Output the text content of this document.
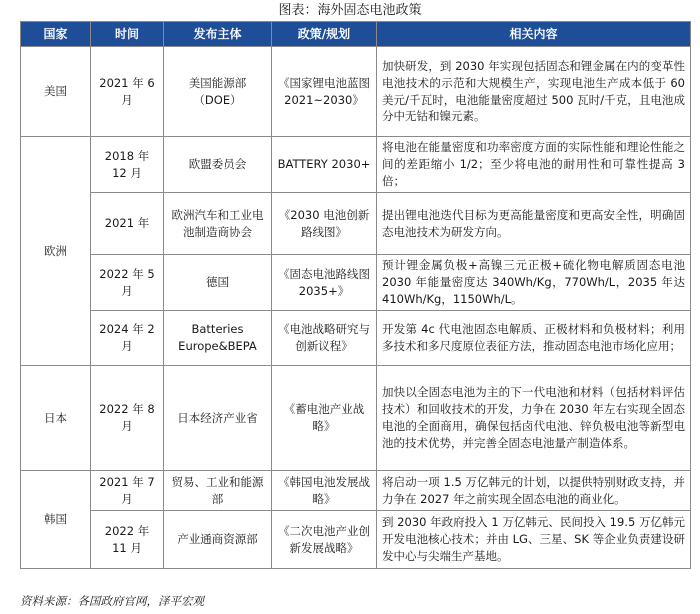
图表：海外固态电池政策
国家	时间	发布主体	政策/规划	相关内容
美国	2021 年 6 月	美国能源部（DOE）	《国家锂电池蓝图 2021~2030》	加快研发，到 2030 年实现包括固态和锂金属在内的变革性电池技术的示范和大规模生产，实现电池生产成本低于 60 美元/千瓦时，电池能量密度超过 500 瓦时/千克，且电池成分中无钴和镍元素。
欧洲	2018 年 12 月	欧盟委员会	BATTERY 2030+	将电池在能量密度和功率密度方面的实际性能和理论性能之间的差距缩小 1/2；至少将电池的耐用性和可靠性提高 3 倍；
	2021 年	欧洲汽车和工业电池制造商协会	《2030 电池创新路线图》	提出锂电池迭代目标为更高能量密度和更高安全性，明确固态电池技术为研发方向。
	2022 年 5 月	德国	《固态电池路线图 2035+》	预计锂金属负极+高镍三元正极+硫化物电解质固态电池 2030 年能量密度达 340Wh/Kg，770Wh/L，2035 年达 410Wh/Kg，1150Wh/L。
	2024 年 2 月	Batteries Europe&BEPA	《电池战略研究与创新议程》	开发第 4c 代电池固态电解质、正极材料和负极材料；利用多技术和多尺度原位表征方法，推动固态电池市场化应用；
日本	2022 年 8 月	日本经济产业省	《蓄电池产业战略》	加快以全固态电池为主的下一代电池和材料（包括材料评估技术）和回收技术的开发，力争在 2030 年左右实现全固态电池的全面商用，确保包括卤代电池、锌负极电池等新型电池的技术优势，并完善全固态电池量产制造体系。
韩国	2021 年 7 月	贸易、工业和能源部	《韩国电池发展战略》	将启动一项 1.5 万亿韩元的计划，以提供特别财政支持，并力争在 2027 年之前实现全固态电池的商业化。
	2022 年 11 月	产业通商资源部	《二次电池产业创新发展战略》	到 2030 年政府投入 1 万亿韩元、民间投入 19.5 万亿韩元开发电池核心技术；并由 LG、三星、SK 等企业负责建设研发中心与尖端生产基地。
资料来源：各国政府官网，泽平宏观
